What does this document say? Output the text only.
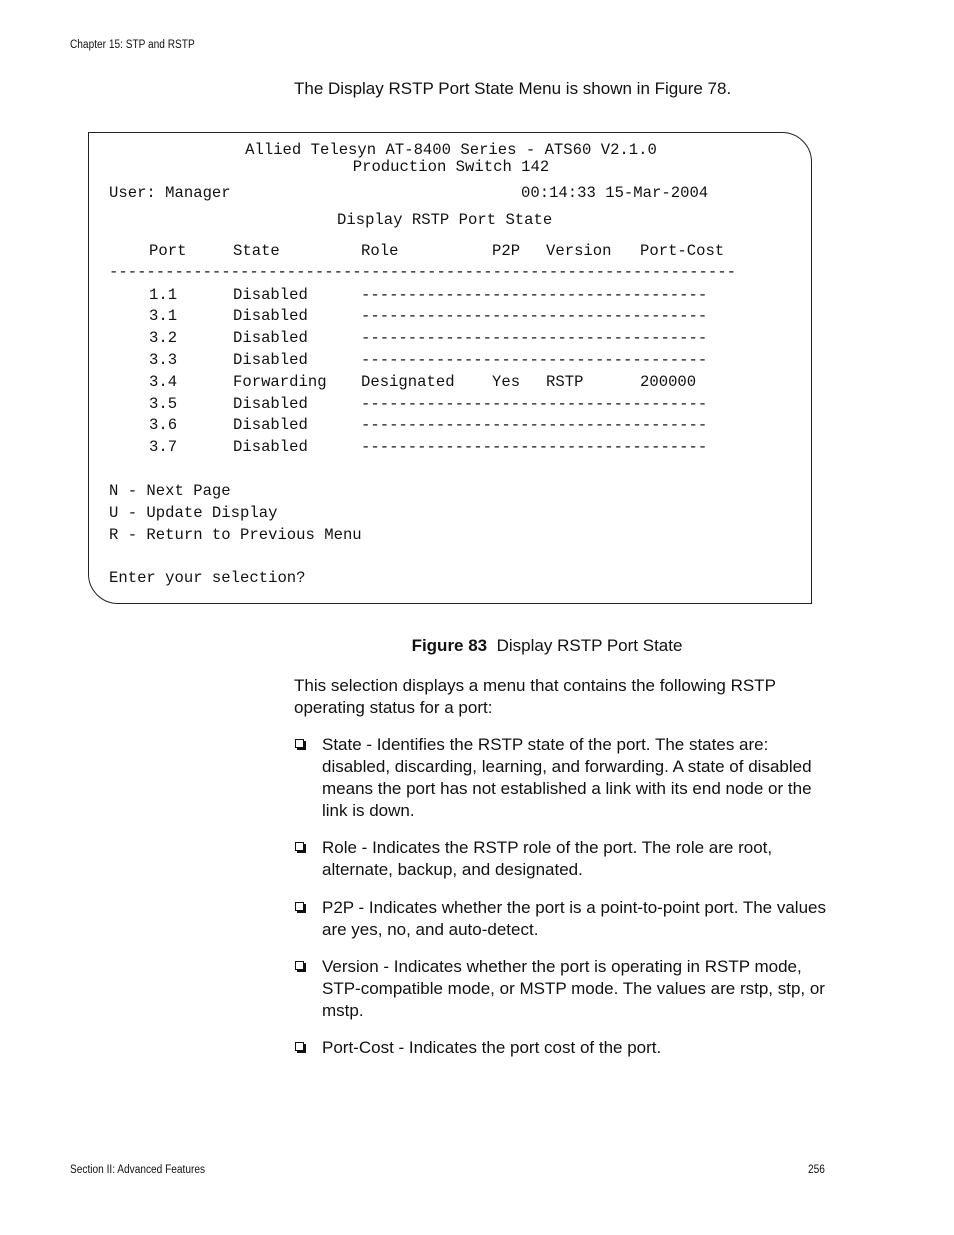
Chapter 15: STP and RSTP
The Display RSTP Port State Menu is shown in Figure 78.
Allied Telesyn AT-8400 Series - ATS60 V2.1.0
Production Switch 142
User: Manager	00:14:33 15-Mar-2004
Display RSTP Port State
Port	State	Role	P2P Version Port-Cost
-------------------------------------------------------------------
1.1	Disabled	-------------------------------------
3.1	Disabled	-------------------------------------
3.2	Disabled	-------------------------------------
3.3	Disabled	-------------------------------------
3.4	Forwarding Designated Yes RSTP	200000
3.5	Disabled	-------------------------------------
3.6	Disabled	-------------------------------------
3.7	Disabled	-------------------------------------
N - Next Page
U - Update Display
R - Return to Previous Menu
Enter your selection?
Figure 83 Display RSTP Port State
This selection displays a menu that contains the following RSTP operating status for a port:
State - Identifies the RSTP state of the port. The states are: disabled, discarding, learning, and forwarding. A state of disabled means the port has not established a link with its end node or the link is down.
Role - Indicates the RSTP role of the port. The role are root, alternate, backup, and designated.
P2P - Indicates whether the port is a point-to-point port. The values are yes, no, and auto-detect.
Version - Indicates whether the port is operating in RSTP mode, STP-compatible mode, or MSTP mode. The values are rstp, stp, or mstp.
Port-Cost - Indicates the port cost of the port.
Section II: Advanced Features	256
